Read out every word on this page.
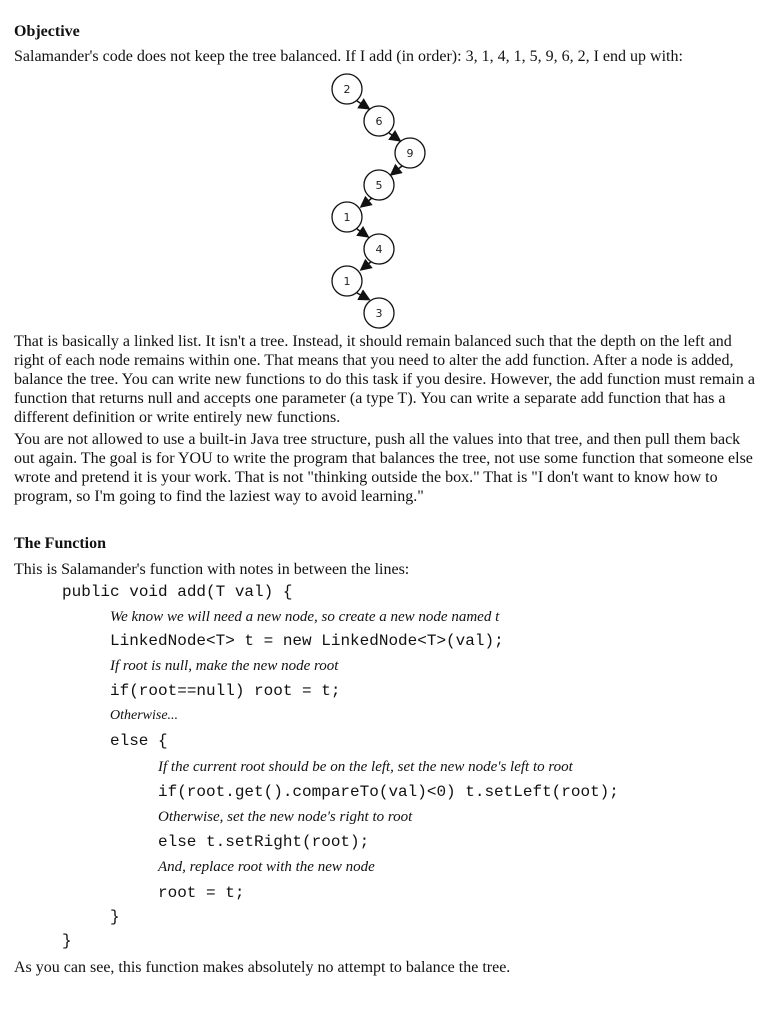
Objective
Salamander's code does not keep the tree balanced. If I add (in order): 3, 1, 4, 1, 5, 9, 6, 2, I end up with:
2
6
9
5
1
4
1
3
That is basically a linked list. It isn't a tree. Instead, it should remain balanced such that the depth on the left and right of each node remains within one. That means that you need to alter the add function. After a node is added, balance the tree. You can write new functions to do this task if you desire. However, the add function must remain a function that returns null and accepts one parameter (a type T). You can write a separate add function that has a different definition or write entirely new functions.
You are not allowed to use a built-in Java tree structure, push all the values into that tree, and then pull them back out again. The goal is for YOU to write the program that balances the tree, not use some function that someone else wrote and pretend it is your work. That is not "thinking outside the box." That is "I don't want to know how to program, so I'm going to find the laziest way to avoid learning."
The Function
This is Salamander's function with notes in between the lines:
public void add(T val) {
We know we will need a new node, so create a new node named t
LinkedNode<T> t = new LinkedNode<T>(val);
If root is null, make the new node root
if(root==null) root = t;
Otherwise...
else {
If the current root should be on the left, set the new node's left to root
if(root.get().compareTo(val)<0) t.setLeft(root);
Otherwise, set the new node's right to root
else t.setRight(root);
And, replace root with the new node
root = t;
}
}
As you can see, this function makes absolutely no attempt to balance the tree.
